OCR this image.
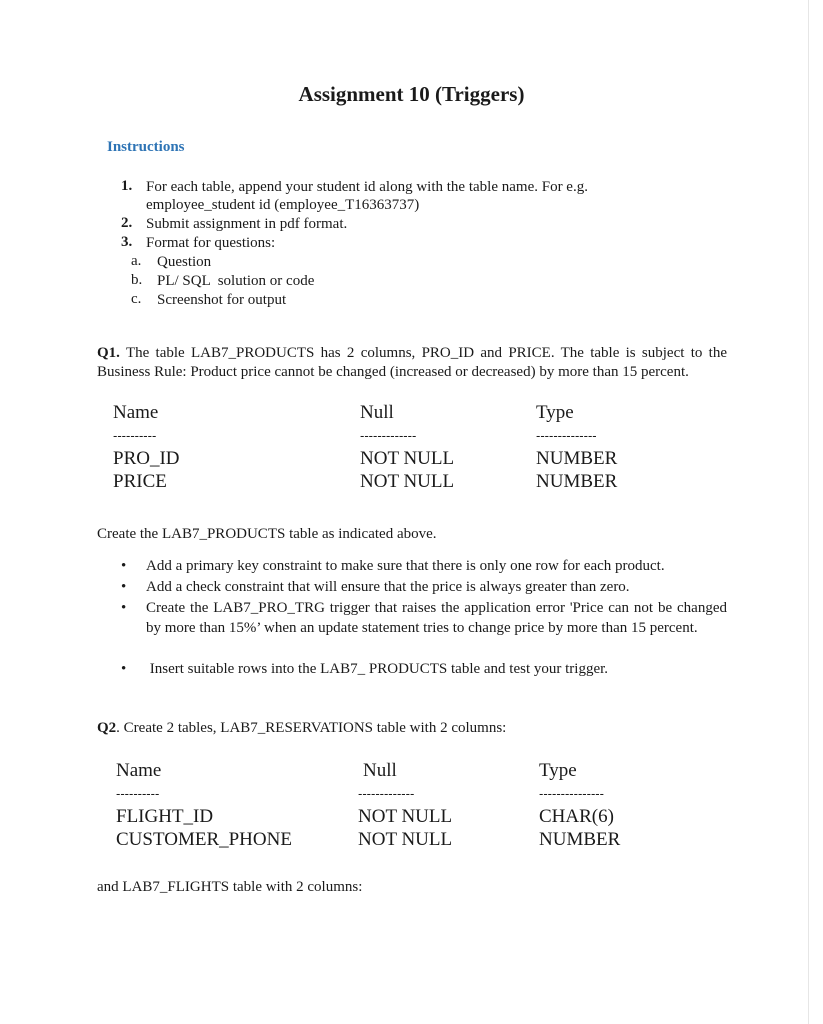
Assignment 10 (Triggers)
Instructions
1. For each table, append your student id along with the table name. For e.g.
employee_student id (employee_T16363737)
2. Submit assignment in pdf format.
3. Format for questions:
a. Question
b. PL/ SQL  solution or code
c. Screenshot for output
Q1. The table LAB7_PRODUCTS has 2 columns, PRO_ID and PRICE. The table is subject to the Business Rule: Product price cannot be changed (increased or decreased) by more than 15 percent.
Name	Null	Type
----------	-------------	--------------
PRO_ID	NOT NULL	NUMBER
PRICE	NOT NULL	NUMBER
Create the LAB7_PRODUCTS table as indicated above.
• Add a primary key constraint to make sure that there is only one row for each product.
• Add a check constraint that will ensure that the price is always greater than zero.
• Create the LAB7_PRO_TRG trigger that raises the application error 'Price can not be changed by more than 15%’ when an update statement tries to change price by more than 15 percent.
• Insert suitable rows into the LAB7_ PRODUCTS table and test your trigger.
Q2. Create 2 tables, LAB7_RESERVATIONS table with 2 columns:
Name	Null	Type
----------	-------------	---------------
FLIGHT_ID	NOT NULL	CHAR(6)
CUSTOMER_PHONE	NOT NULL	NUMBER
and LAB7_FLIGHTS table with 2 columns:
